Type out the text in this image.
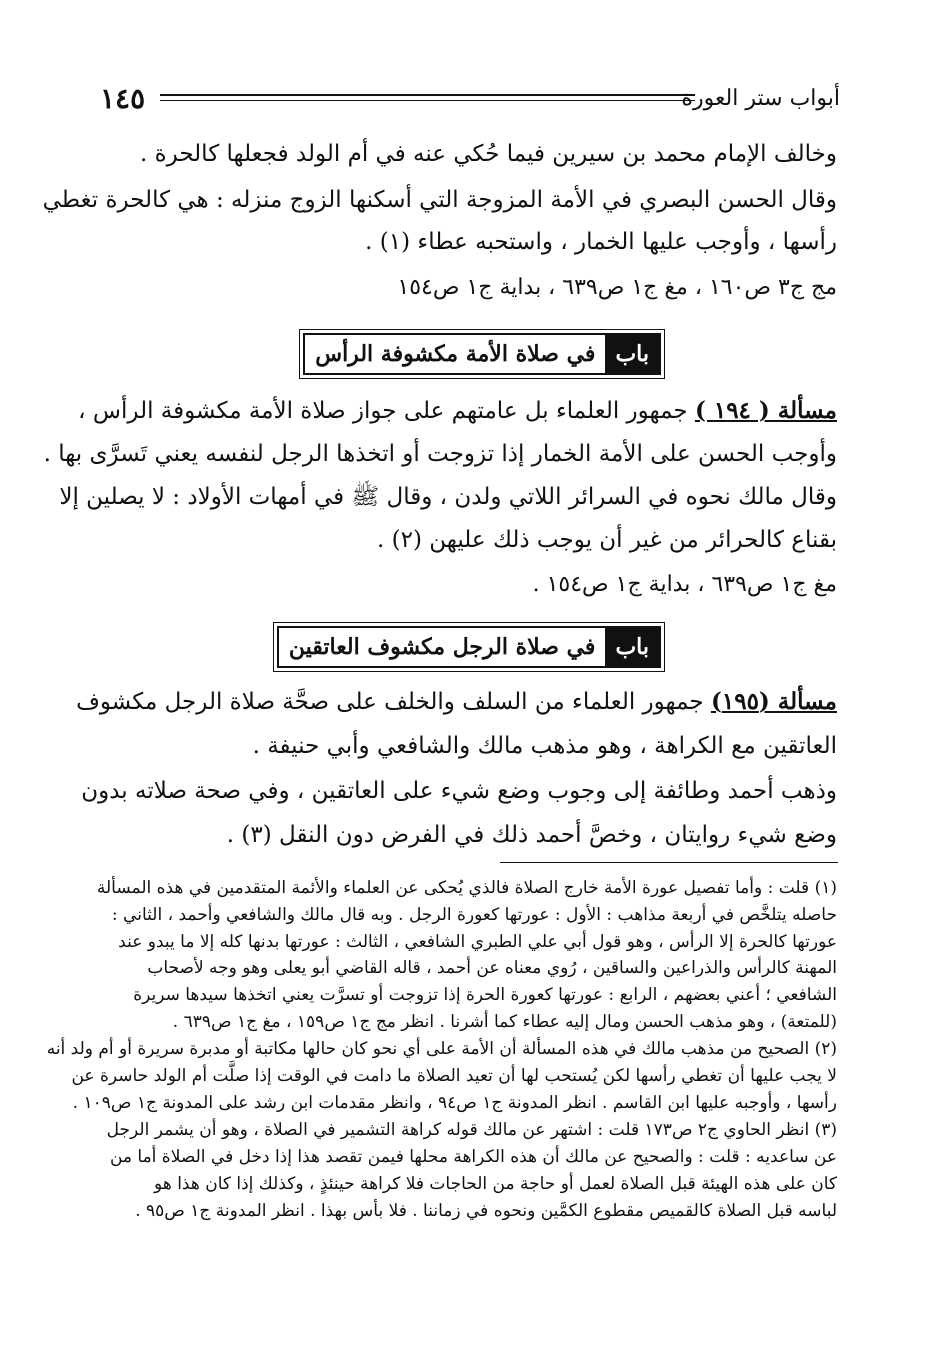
١٤٥	أبواب ستر العورة
وخالف الإمام محمد بن سيرين فيما حُكي عنه في أم الولد فجعلها كالحرة .
وقال الحسن البصري في الأمة المزوجة التي أسكنها الزوج منزله : هي كالحرة تغطي
رأسها ، وأوجب عليها الخمار ، واستحبه عطاء (١) .
مج ج٣ ص١٦٠ ، مغ ج١ ص٦٣٩ ، بداية ج١ ص١٥٤
باب
في صلاة الأمة مكشوفة الرأس
مسألة ( ١٩٤ ) جمهور العلماء بل عامتهم على جواز صلاة الأمة مكشوفة الرأس ،
وأوجب الحسن على الأمة الخمار إذا تزوجت أو اتخذها الرجل لنفسه يعني تَسرَّى بها .
وقال مالك نحوه في السرائر اللاتي ولدن ، وقال ﷺ في أمهات الأولاد : لا يصلين إلا
بقناع كالحرائر من غير أن يوجب ذلك عليهن (٢) .
مغ ج١ ص٦٣٩ ، بداية ج١ ص١٥٤ .
باب
في صلاة الرجل مكشوف العاتقين
مسألة (١٩٥) جمهور العلماء من السلف والخلف على صحَّة صلاة الرجل مكشوف
العاتقين مع الكراهة ، وهو مذهب مالك والشافعي وأبي حنيفة .
وذهب أحمد وطائفة إلى وجوب وضع شيء على العاتقين ، وفي صحة صلاته بدون
وضع شيء روايتان ، وخصَّ أحمد ذلك في الفرض دون النقل (٣) .
(١) قلت : وأما تفصيل عورة الأمة خارج الصلاة فالذي يُحكى عن العلماء والأئمة المتقدمين في هذه المسألة
حاصله يتلخَّص في أربعة مذاهب : الأول : عورتها كعورة الرجل . وبه قال مالك والشافعي وأحمد ، الثاني :
عورتها كالحرة إلا الرأس ، وهو قول أبي علي الطبري الشافعي ، الثالث : عورتها بدنها كله إلا ما يبدو عند
المهنة كالرأس والذراعين والساقين ، رُوي معناه عن أحمد ، قاله القاضي أبو يعلى وهو وجه لأصحاب
الشافعي ؛ أعني بعضهم ، الرابع : عورتها كعورة الحرة إذا تزوجت أو تسرَّت يعني اتخذها سيدها سريرة
(للمتعة) ، وهو مذهب الحسن ومال إليه عطاء كما أشرنا . انظر مج ج١ ص١٥٩ ، مغ ج١ ص٦٣٩ .
(٢) الصحيح من مذهب مالك في هذه المسألة أن الأمة على أي نحو كان حالها مكاتبة أو مدبرة سريرة أو أم ولد أنه
لا يجب عليها أن تغطي رأسها لكن يُستحب لها أن تعيد الصلاة ما دامت في الوقت إذا صلَّت أم الولد حاسرة عن
رأسها ، وأوجبه عليها ابن القاسم . انظر المدونة ج١ ص٩٤ ، وانظر مقدمات ابن رشد على المدونة ج١ ص١٠٩ .
(٣) انظر الحاوي ج٢ ص١٧٣ قلت : اشتهر عن مالك قوله كراهة التشمير في الصلاة ، وهو أن يشمر الرجل
عن ساعديه : قلت : والصحيح عن مالك أن هذه الكراهة محلها فيمن تقصد هذا إذا دخل في الصلاة أما من
كان على هذه الهيئة قبل الصلاة لعمل أو حاجة من الحاجات فلا كراهة حينئذٍ ، وكذلك إذا كان هذا هو
لباسه قبل الصلاة كالقميص مقطوع الكمَّين ونحوه في زماننا . فلا بأس بهذا . انظر المدونة ج١ ص٩٥ .
